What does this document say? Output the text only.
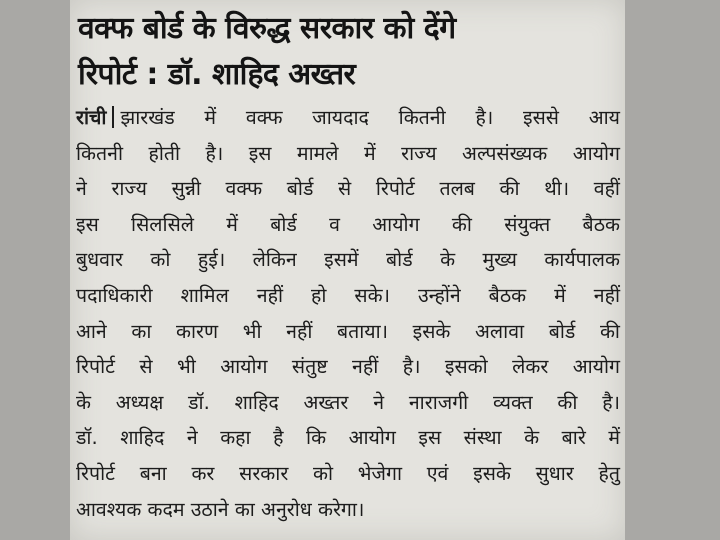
वक्फ बोर्ड के विरुद्ध सरकार को देंगे
रिपोर्ट : डॉ. शाहिद अख्तर
रांची झारखंड में वक्फ जायदाद कितनी है। इससे आय
कितनी होती है। इस मामले में राज्य अल्पसंख्यक आयोग
ने राज्य सुन्नी वक्फ बोर्ड से रिपोर्ट तलब की थी। वहीं
इस सिलसिले में बोर्ड व आयोग की संयुक्त बैठक
बुधवार को हुई। लेकिन इसमें बोर्ड के मुख्य कार्यपालक
पदाधिकारी शामिल नहीं हो सके। उन्होंने बैठक में नहीं
आने का कारण भी नहीं बताया। इसके अलावा बोर्ड की
रिपोर्ट से भी आयोग संतुष्ट नहीं है। इसको लेकर आयोग
के अध्यक्ष डॉ. शाहिद अख्तर ने नाराजगी व्यक्त की है।
डॉ. शाहिद ने कहा है कि आयोग इस संस्था के बारे में
रिपोर्ट बना कर सरकार को भेजेगा एवं इसके सुधार हेतु
आवश्यक कदम उठाने का अनुरोध करेगा।
